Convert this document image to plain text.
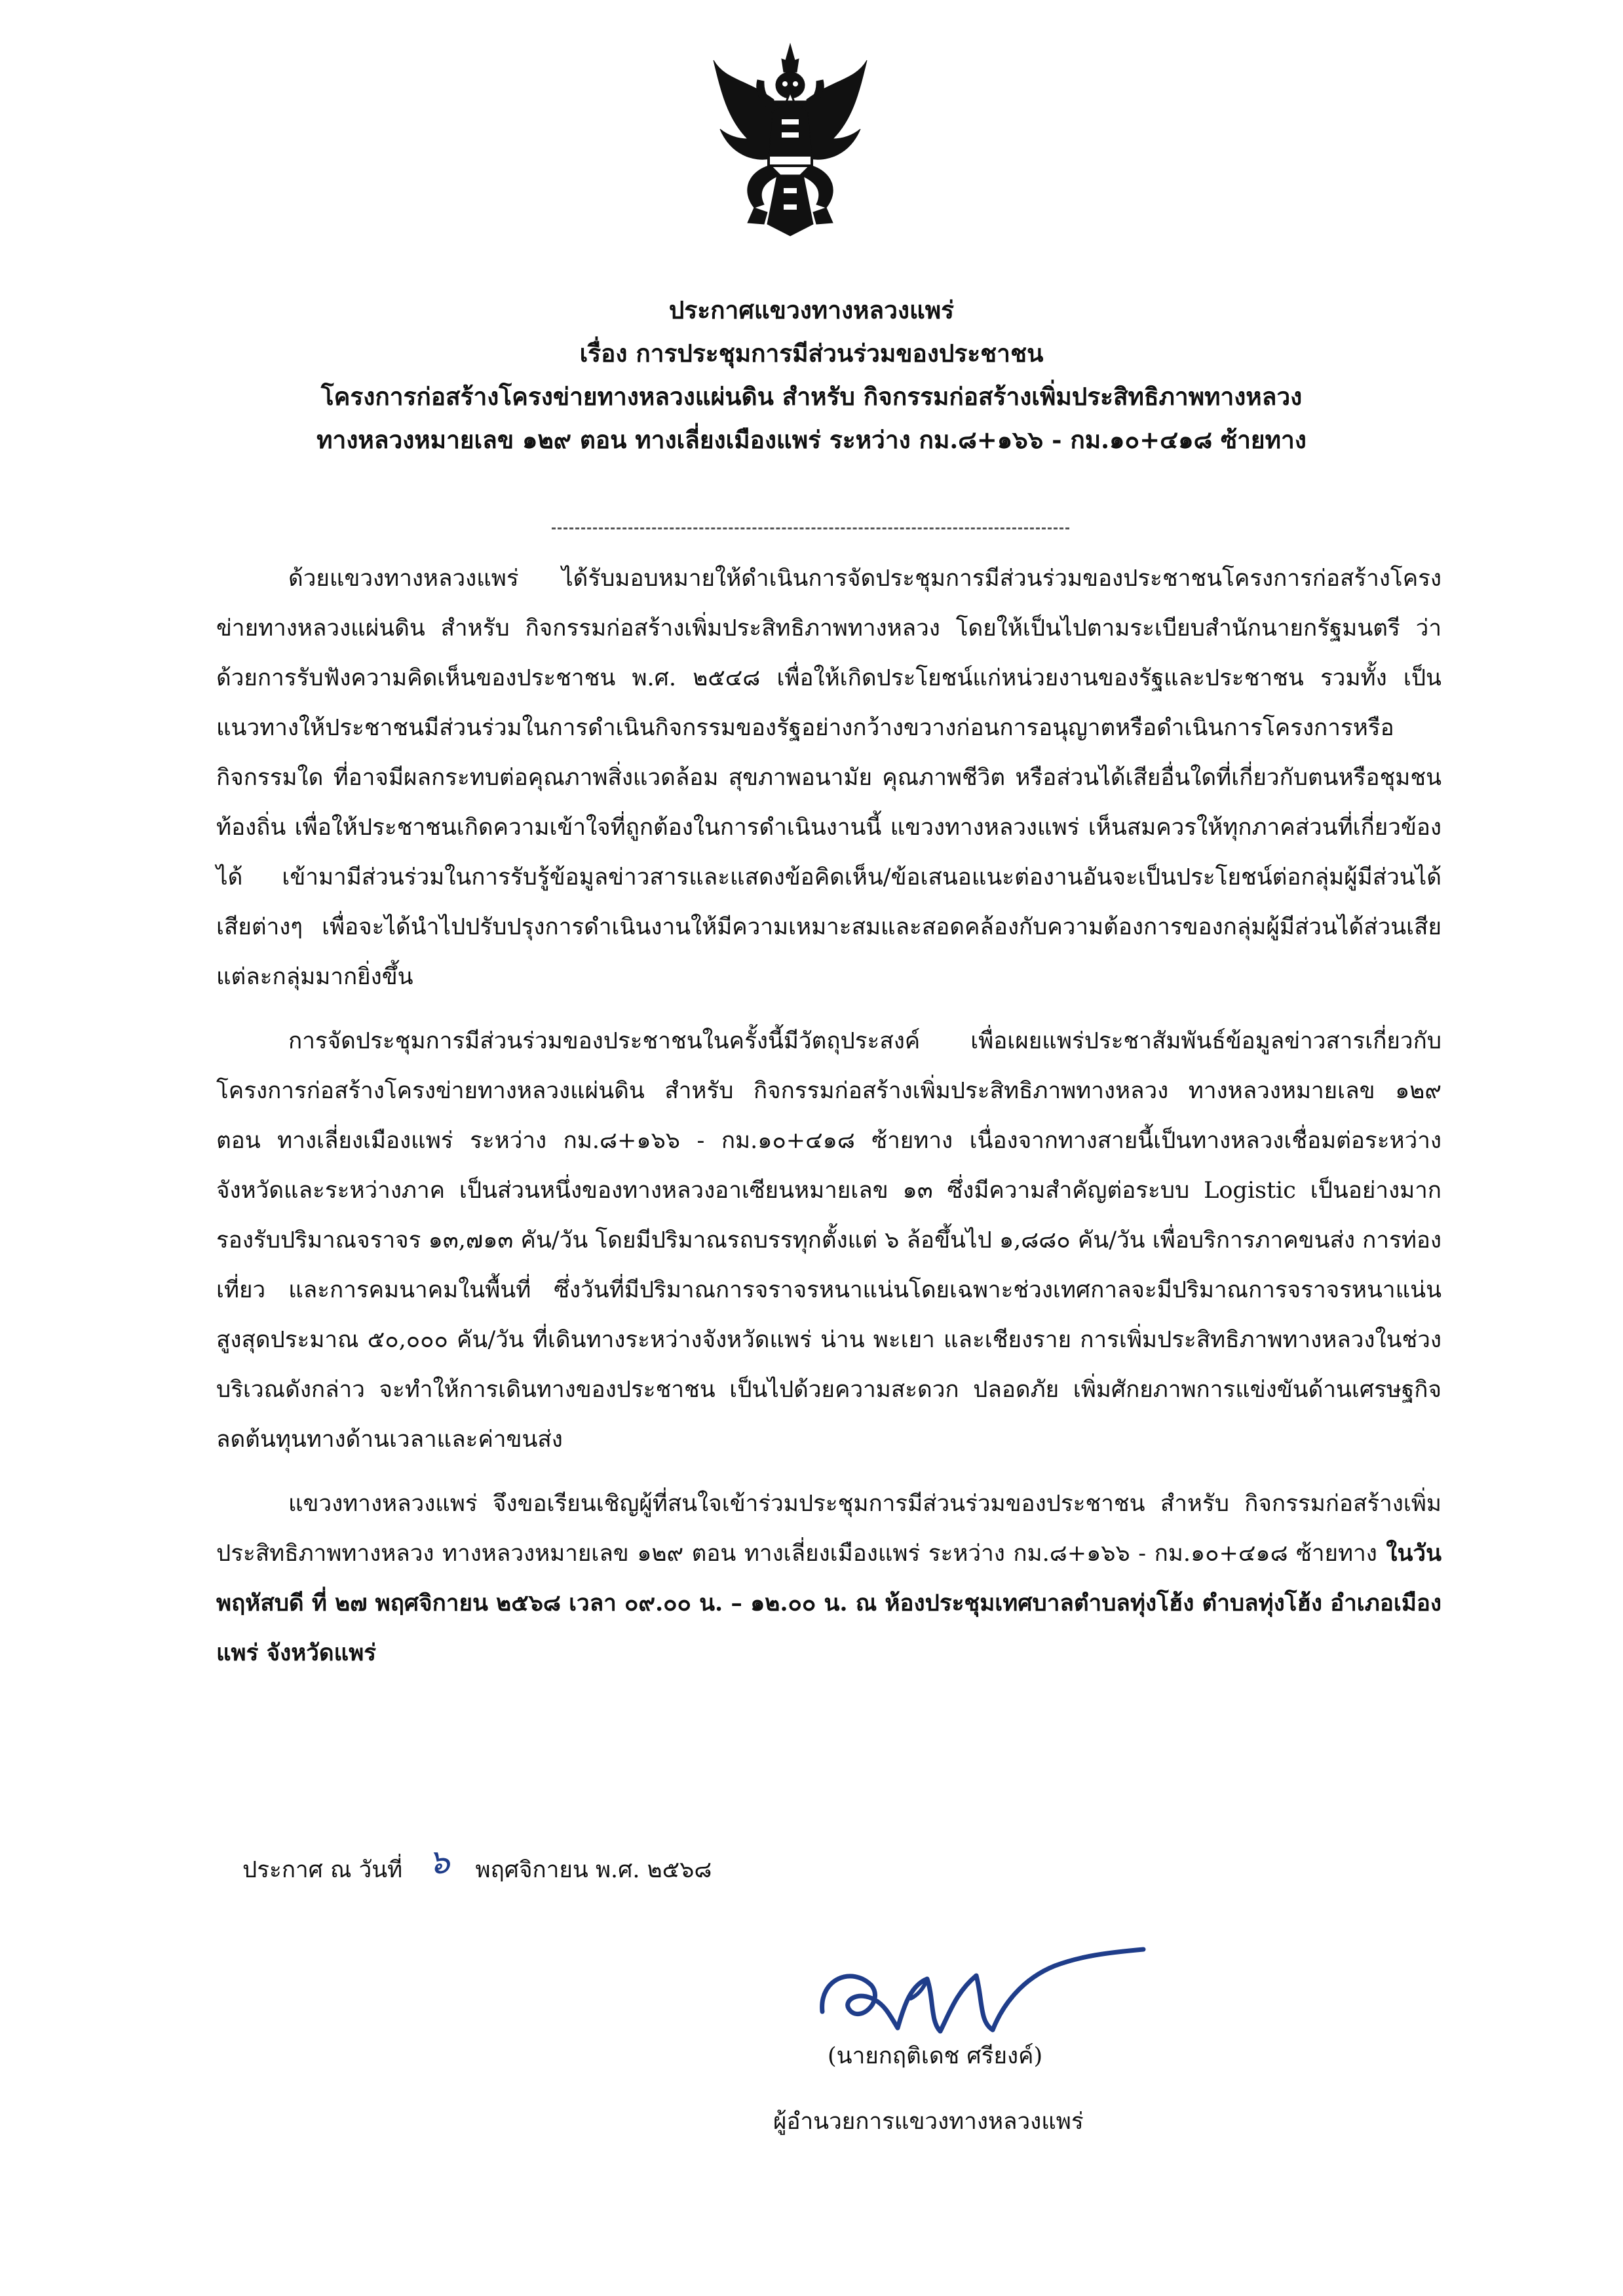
ประกาศแขวงทางหลวงแพร่
เรื่อง การประชุมการมีส่วนร่วมของประชาชน
โครงการก่อสร้างโครงข่ายทางหลวงแผ่นดิน สำหรับ กิจกรรมก่อสร้างเพิ่มประสิทธิภาพทางหลวง
ทางหลวงหมายเลข ๑๒๙ ตอน ทางเลี่ยงเมืองแพร่ ระหว่าง กม.๘+๑๖๖ - กม.๑๐+๔๑๘ ซ้ายทาง

ด้วยแขวงทางหลวงแพร่ ได้รับมอบหมายให้ดำเนินการจัดประชุมการมีส่วนร่วมของประชาชนโครงการก่อสร้างโครงข่ายทางหลวงแผ่นดิน สำหรับ กิจกรรมก่อสร้างเพิ่มประสิทธิภาพทางหลวง โดยให้เป็นไปตามระเบียบสำนักนายกรัฐมนตรี ว่าด้วยการรับฟังความคิดเห็นของประชาชน พ.ศ. ๒๕๔๘ เพื่อให้เกิดประโยชน์แก่หน่วยงานของรัฐและประชาชน รวมทั้ง เป็นแนวทางให้ประชาชนมีส่วนร่วมในการดำเนินกิจกรรมของรัฐอย่างกว้างขวางก่อนการอนุญาตหรือดำเนินการโครงการหรือกิจกรรมใด ที่อาจมีผลกระทบต่อคุณภาพสิ่งแวดล้อม สุขภาพอนามัย คุณภาพชีวิต หรือส่วนได้เสียอื่นใดที่เกี่ยวกับตนหรือชุมชนท้องถิ่น เพื่อให้ประชาชนเกิดความเข้าใจที่ถูกต้องในการดำเนินงานนี้ แขวงทางหลวงแพร่ เห็นสมควรให้ทุกภาคส่วนที่เกี่ยวข้องได้ เข้ามามีส่วนร่วมในการรับรู้ข้อมูลข่าวสารและแสดงข้อคิดเห็น/ข้อเสนอแนะต่องานอันจะเป็นประโยชน์ต่อกลุ่มผู้มีส่วนได้เสียต่างๆ เพื่อจะได้นำไปปรับปรุงการดำเนินงานให้มีความเหมาะสมและสอดคล้องกับความต้องการของกลุ่มผู้มีส่วนได้ส่วนเสียแต่ละกลุ่มมากยิ่งขึ้น

การจัดประชุมการมีส่วนร่วมของประชาชนในครั้งนี้มีวัตถุประสงค์ เพื่อเผยแพร่ประชาสัมพันธ์ข้อมูลข่าวสารเกี่ยวกับโครงการก่อสร้างโครงข่ายทางหลวงแผ่นดิน สำหรับ กิจกรรมก่อสร้างเพิ่มประสิทธิภาพทางหลวง ทางหลวงหมายเลข ๑๒๙ ตอน ทางเลี่ยงเมืองแพร่ ระหว่าง กม.๘+๑๖๖ - กม.๑๐+๔๑๘ ซ้ายทาง เนื่องจากทางสายนี้เป็นทางหลวงเชื่อมต่อระหว่างจังหวัดและระหว่างภาค เป็นส่วนหนึ่งของทางหลวงอาเซียนหมายเลข ๑๓ ซึ่งมีความสำคัญต่อระบบ Logistic เป็นอย่างมาก รองรับปริมาณจราจร ๑๓,๗๑๓ คัน/วัน โดยมีปริมาณรถบรรทุกตั้งแต่ ๖ ล้อขึ้นไป ๑,๘๘๐ คัน/วัน เพื่อบริการภาคขนส่ง การท่องเที่ยว และการคมนาคมในพื้นที่ ซึ่งวันที่มีปริมาณการจราจรหนาแน่นโดยเฉพาะช่วงเทศกาลจะมีปริมาณการจราจรหนาแน่นสูงสุดประมาณ ๕๐,๐๐๐ คัน/วัน ที่เดินทางระหว่างจังหวัดแพร่ น่าน พะเยา และเชียงราย การเพิ่มประสิทธิภาพทางหลวงในช่วงบริเวณดังกล่าว จะทำให้การเดินทางของประชาชน เป็นไปด้วยความสะดวก ปลอดภัย เพิ่มศักยภาพการแข่งขันด้านเศรษฐกิจ ลดต้นทุนทางด้านเวลาและค่าขนส่ง

แขวงทางหลวงแพร่ จึงขอเรียนเชิญผู้ที่สนใจเข้าร่วมประชุมการมีส่วนร่วมของประชาชน สำหรับ กิจกรรมก่อสร้างเพิ่มประสิทธิภาพทางหลวง ทางหลวงหมายเลข ๑๒๙ ตอน ทางเลี่ยงเมืองแพร่ ระหว่าง กม.๘+๑๖๖ - กม.๑๐+๔๑๘ ซ้ายทาง ในวัน พฤหัสบดี ที่ ๒๗ พฤศจิกายน ๒๕๖๘ เวลา ๐๙.๐๐ น. – ๑๒.๐๐ น. ณ ห้องประชุมเทศบาลตำบลทุ่งโฮ้ง ตำบลทุ่งโฮ้ง อำเภอเมืองแพร่ จังหวัดแพร่

ประกาศ ณ วันที่ ๖ พฤศจิกายน พ.ศ. ๒๕๖๘
(นายกฤติเดช ศรียงค์)
ผู้อำนวยการแขวงทางหลวงแพร่
